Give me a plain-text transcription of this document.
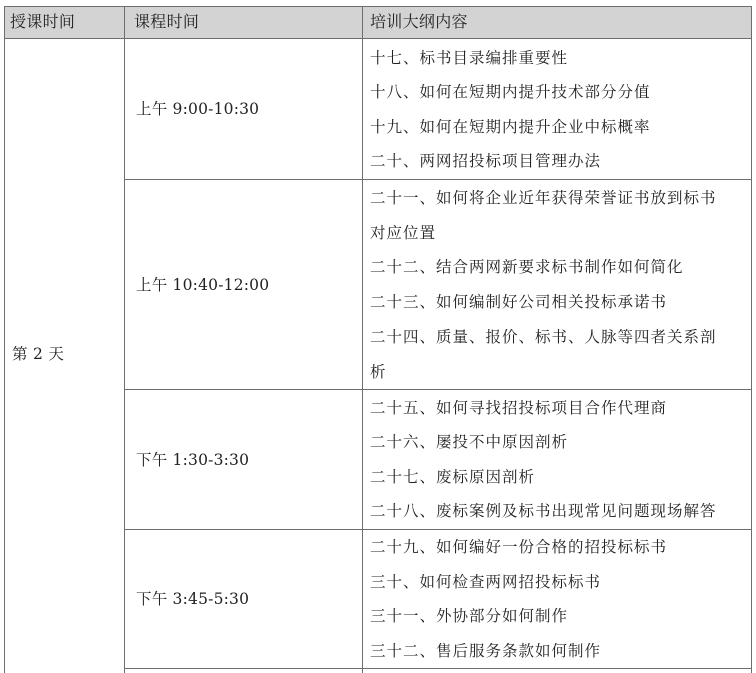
授课时间	课程时间	培训大纲内容
第 2 天
上午 9:00-10:30
十七、标书目录编排重要性
十八、如何在短期内提升技术部分分值
十九、如何在短期内提升企业中标概率
二十、两网招投标项目管理办法
上午 10:40-12:00
二十一、如何将企业近年获得荣誉证书放到标书
对应位置
二十二、结合两网新要求标书制作如何简化
二十三、如何编制好公司相关投标承诺书
二十四、质量、报价、标书、人脉等四者关系剖
析
下午 1:30-3:30
二十五、如何寻找招投标项目合作代理商
二十六、屡投不中原因剖析
二十七、废标原因剖析
二十八、废标案例及标书出现常见问题现场解答
下午 3:45-5:30
二十九、如何编好一份合格的招投标标书
三十、如何检查两网招投标标书
三十一、外协部分如何制作
三十二、售后服务条款如何制作
